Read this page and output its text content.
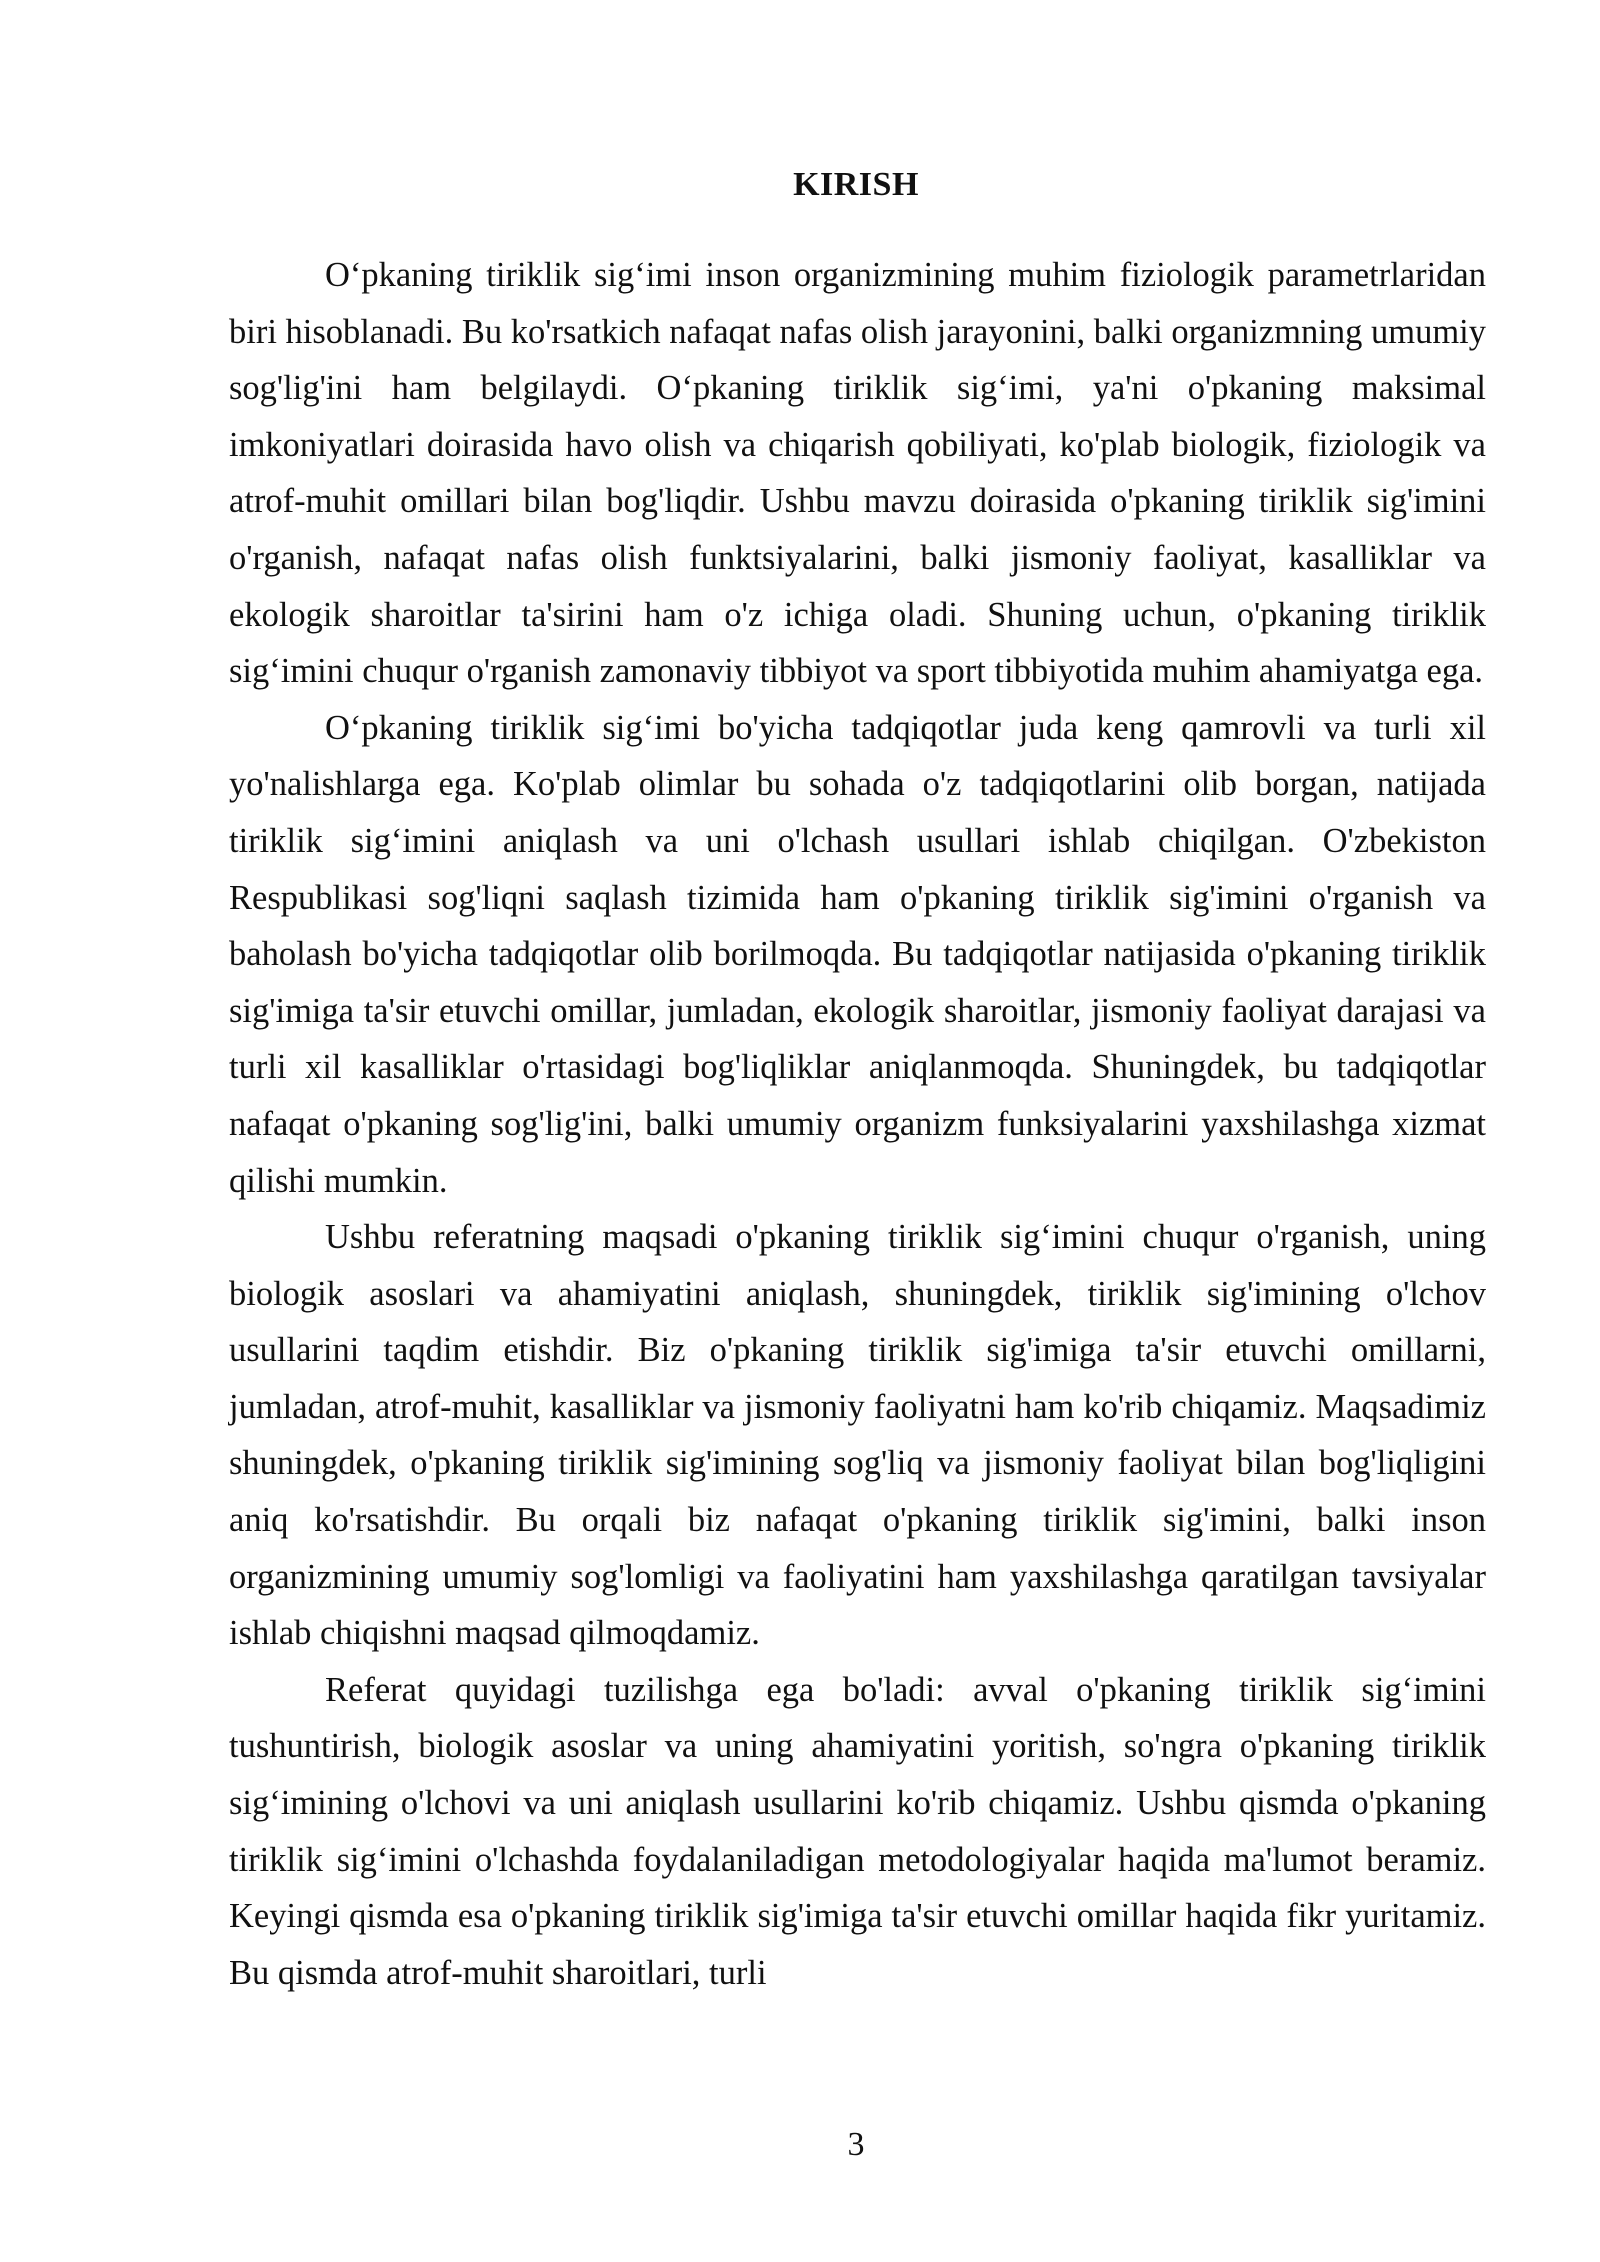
KIRISH

O‘pkaning tiriklik sig‘imi inson organizmining muhim fiziologik parametrlaridan biri hisoblanadi. Bu ko'rsatkich nafaqat nafas olish jarayonini, balki organizmning umumiy sog'lig'ini ham belgilaydi. O‘pkaning tiriklik sig‘imi, ya'ni o'pkaning maksimal imkoniyatlari doirasida havo olish va chiqarish qobiliyati, ko'plab biologik, fiziologik va atrof-muhit omillari bilan bog'liqdir. Ushbu mavzu doirasida o'pkaning tiriklik sig'imini o'rganish, nafaqat nafas olish funktsiyalarini, balki jismoniy faoliyat, kasalliklar va ekologik sharoitlar ta'sirini ham o'z ichiga oladi. Shuning uchun, o'pkaning tiriklik sig‘imini chuqur o'rganish zamonaviy tibbiyot va sport tibbiyotida muhim ahamiyatga ega.

O‘pkaning tiriklik sig‘imi bo'yicha tadqiqotlar juda keng qamrovli va turli xil yo'nalishlarga ega. Ko'plab olimlar bu sohada o'z tadqiqotlarini olib borgan, natijada tiriklik sig‘imini aniqlash va uni o'lchash usullari ishlab chiqilgan. O'zbekiston Respublikasi sog'liqni saqlash tizimida ham o'pkaning tiriklik sig'imini o'rganish va baholash bo'yicha tadqiqotlar olib borilmoqda. Bu tadqiqotlar natijasida o'pkaning tiriklik sig'imiga ta'sir etuvchi omillar, jumladan, ekologik sharoitlar, jismoniy faoliyat darajasi va turli xil kasalliklar o'rtasidagi bog'liqliklar aniqlanmoqda. Shuningdek, bu tadqiqotlar nafaqat o'pkaning sog'lig'ini, balki umumiy organizm funksiyalarini yaxshilashga xizmat qilishi mumkin.

Ushbu referatning maqsadi o'pkaning tiriklik sig‘imini chuqur o'rganish, uning biologik asoslari va ahamiyatini aniqlash, shuningdek, tiriklik sig'imining o'lchov usullarini taqdim etishdir. Biz o'pkaning tiriklik sig'imiga ta'sir etuvchi omillarni, jumladan, atrof-muhit, kasalliklar va jismoniy faoliyatni ham ko'rib chiqamiz. Maqsadimiz shuningdek, o'pkaning tiriklik sig'imining sog'liq va jismoniy faoliyat bilan bog'liqligini aniq ko'rsatishdir. Bu orqali biz nafaqat o'pkaning tiriklik sig'imini, balki inson organizmining umumiy sog'lomligi va faoliyatini ham yaxshilashga qaratilgan tavsiyalar ishlab chiqishni maqsad qilmoqdamiz.

Referat quyidagi tuzilishga ega bo'ladi: avval o'pkaning tiriklik sig‘imini tushuntirish, biologik asoslar va uning ahamiyatini yoritish, so'ngra o'pkaning tiriklik sig‘imining o'lchovi va uni aniqlash usullarini ko'rib chiqamiz. Ushbu qismda o'pkaning tiriklik sig‘imini o'lchashda foydalaniladigan metodologiyalar haqida ma'lumot beramiz. Keyingi qismda esa o'pkaning tiriklik sig'imiga ta'sir etuvchi omillar haqida fikr yuritamiz. Bu qismda atrof-muhit sharoitlari, turli

3
